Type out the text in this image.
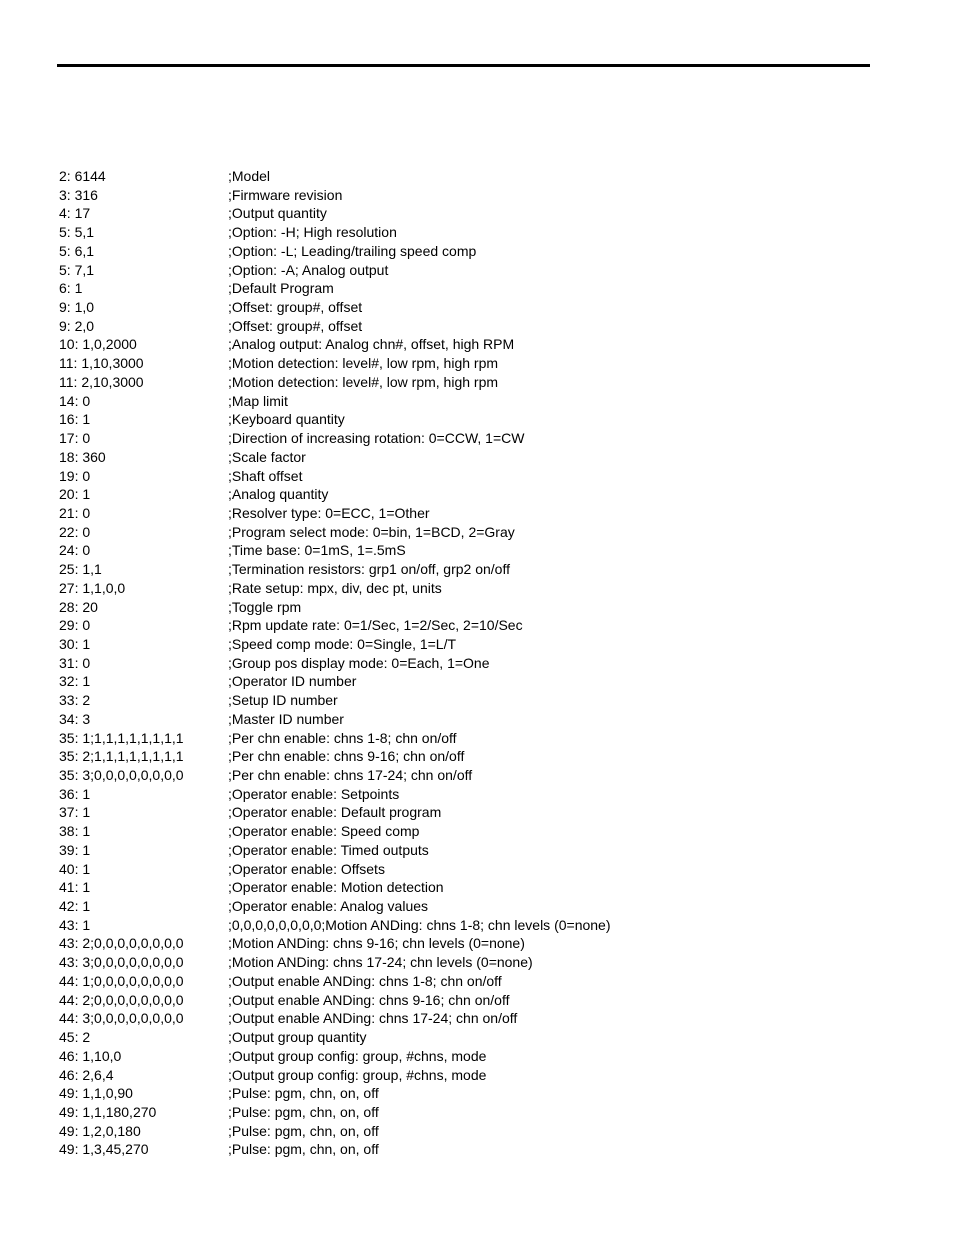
2: 6144	;Model
3: 316	;Firmware revision
4: 17	;Output quantity
5: 5,1	;Option: -H; High resolution
5: 6,1	;Option: -L; Leading/trailing speed comp
5: 7,1	;Option: -A; Analog output
6: 1	;Default Program
9: 1,0	;Offset: group#, offset
9: 2,0	;Offset: group#, offset
10: 1,0,2000	;Analog output: Analog chn#, offset, high RPM
11: 1,10,3000	;Motion detection: level#, low rpm, high rpm
11: 2,10,3000	;Motion detection: level#, low rpm, high rpm
14: 0	;Map limit
16: 1	;Keyboard quantity
17: 0	;Direction of increasing rotation: 0=CCW, 1=CW
18: 360	;Scale factor
19: 0	;Shaft offset
20: 1	;Analog quantity
21: 0	;Resolver type: 0=ECC, 1=Other
22: 0	;Program select mode: 0=bin, 1=BCD, 2=Gray
24: 0	;Time base: 0=1mS, 1=.5mS
25: 1,1	;Termination resistors: grp1 on/off, grp2 on/off
27: 1,1,0,0	;Rate setup: mpx, div, dec pt, units
28: 20	;Toggle rpm
29: 0	;Rpm update rate: 0=1/Sec, 1=2/Sec, 2=10/Sec
30: 1	;Speed comp mode: 0=Single, 1=L/T
31: 0	;Group pos display mode: 0=Each, 1=One
32: 1	;Operator ID number
33: 2	;Setup ID number
34: 3	;Master ID number
35: 1;1,1,1,1,1,1,1,1	;Per chn enable: chns 1-8; chn on/off
35: 2;1,1,1,1,1,1,1,1	;Per chn enable: chns 9-16; chn on/off
35: 3;0,0,0,0,0,0,0,0	;Per chn enable: chns 17-24; chn on/off
36: 1	;Operator enable: Setpoints
37: 1	;Operator enable: Default program
38: 1	;Operator enable: Speed comp
39: 1	;Operator enable: Timed outputs
40: 1	;Operator enable: Offsets
41: 1	;Operator enable: Motion detection
42: 1	;Operator enable: Analog values
43: 1	;0,0,0,0,0,0,0,0;Motion ANDing: chns 1-8; chn levels (0=none)
43: 2;0,0,0,0,0,0,0,0	;Motion ANDing: chns 9-16; chn levels (0=none)
43: 3;0,0,0,0,0,0,0,0	;Motion ANDing: chns 17-24; chn levels (0=none)
44: 1;0,0,0,0,0,0,0,0	;Output enable ANDing: chns 1-8; chn on/off
44: 2;0,0,0,0,0,0,0,0	;Output enable ANDing: chns 9-16; chn on/off
44: 3;0,0,0,0,0,0,0,0	;Output enable ANDing: chns 17-24; chn on/off
45: 2	;Output group quantity
46: 1,10,0	;Output group config: group, #chns, mode
46: 2,6,4	;Output group config: group, #chns, mode
49: 1,1,0,90	;Pulse: pgm, chn, on, off
49: 1,1,180,270	;Pulse: pgm, chn, on, off
49: 1,2,0,180	;Pulse: pgm, chn, on, off
49: 1,3,45,270	;Pulse: pgm, chn, on, off
